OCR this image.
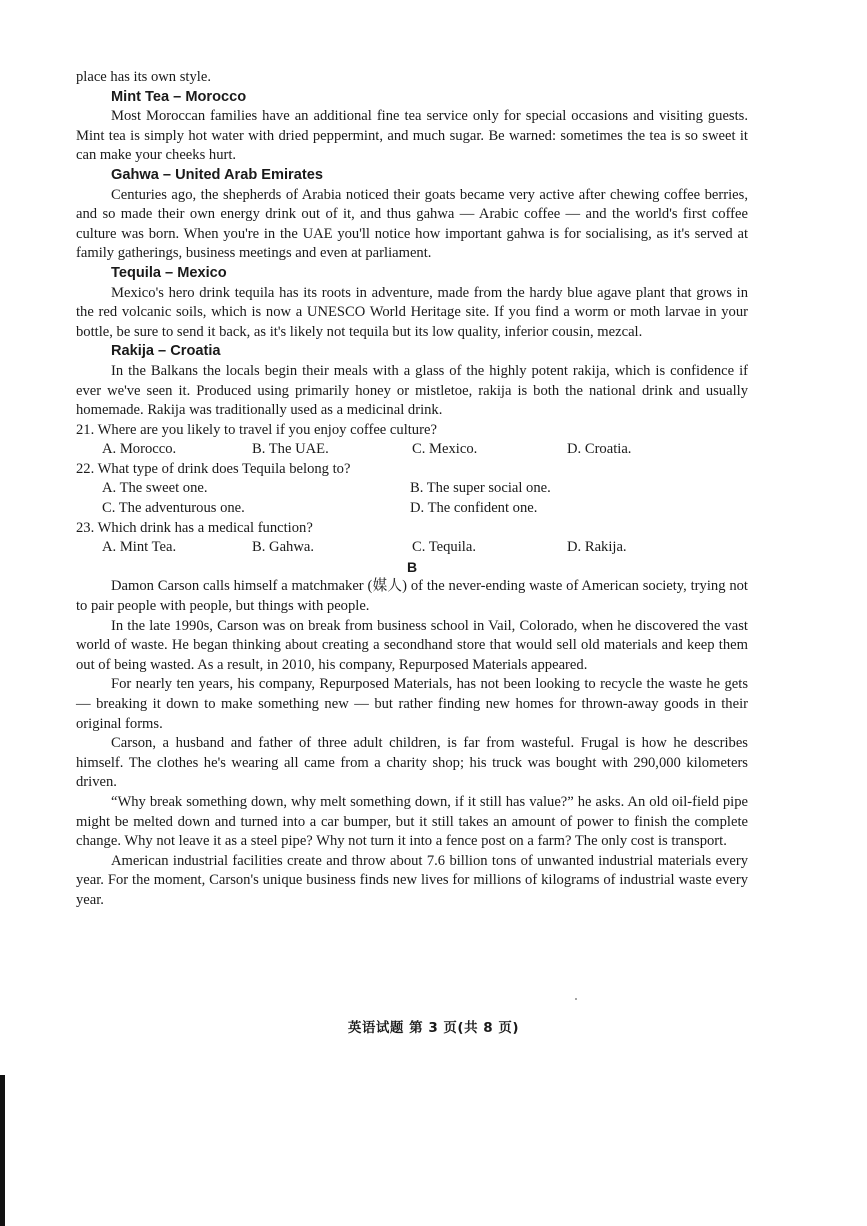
place has its own style.

Mint Tea – Morocco

Most Moroccan families have an additional fine tea service only for special occasions and visiting guests. Mint tea is simply hot water with dried peppermint, and much sugar. Be warned: sometimes the tea is so sweet it can make your cheeks hurt.

Gahwa – United Arab Emirates

Centuries ago, the shepherds of Arabia noticed their goats became very active after chewing coffee berries, and so made their own energy drink out of it, and thus gahwa — Arabic coffee — and the world's first coffee culture was born. When you're in the UAE you'll notice how important gahwa is for socialising, as it's served at family gatherings, business meetings and even at parliament.

Tequila – Mexico

Mexico's hero drink tequila has its roots in adventure, made from the hardy blue agave plant that grows in the red volcanic soils, which is now a UNESCO World Heritage site. If you find a worm or moth larvae in your bottle, be sure to send it back, as it's likely not tequila but its low quality, inferior cousin, mezcal.

Rakija – Croatia

In the Balkans the locals begin their meals with a glass of the highly potent rakija, which is confidence if ever we've seen it. Produced using primarily honey or mistletoe, rakija is both the national drink and usually homemade. Rakija was traditionally used as a medicinal drink.

21. Where are you likely to travel if you enjoy coffee culture?

A. Morocco.	B. The UAE.	C. Mexico.	D. Croatia.

22. What type of drink does Tequila belong to?

A. The sweet one.	B. The super social one.
C. The adventurous one.	D. The confident one.

23. Which drink has a medical function?

A. Mint Tea.	B. Gahwa.	C. Tequila.	D. Rakija.

B

Damon Carson calls himself a matchmaker (媒人) of the never-ending waste of American society, trying not to pair people with people, but things with people.

In the late 1990s, Carson was on break from business school in Vail, Colorado, when he discovered the vast world of waste. He began thinking about creating a secondhand store that would sell old materials and keep them out of being wasted. As a result, in 2010, his company, Repurposed Materials appeared.

For nearly ten years, his company, Repurposed Materials, has not been looking to recycle the waste he gets — breaking it down to make something new — but rather finding new homes for thrown-away goods in their original forms.

Carson, a husband and father of three adult children, is far from wasteful. Frugal is how he describes himself. The clothes he's wearing all came from a charity shop; his truck was bought with 290,000 kilometers driven.

“Why break something down, why melt something down, if it still has value?” he asks. An old oil-field pipe might be melted down and turned into a car bumper, but it still takes an amount of power to finish the complete change. Why not leave it as a steel pipe? Why not turn it into a fence post on a farm? The only cost is transport.

American industrial facilities create and throw about 7.6 billion tons of unwanted industrial materials every year. For the moment, Carson's unique business finds new lives for millions of kilograms of industrial waste every year.

英语试题 第 3 页(共 8 页)
